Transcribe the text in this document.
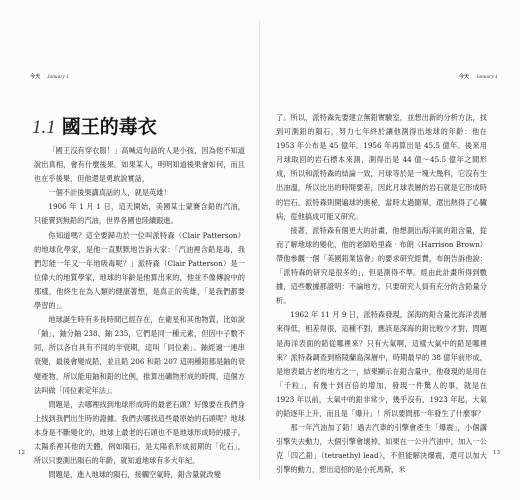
今天 January 1
1.1 國王的毒衣

「國王沒有穿衣服！」高喊這句話的人是小孩，因為他不知道說出真相，會有什麼後果。如果某人，明明知道後果會如何，而且也在乎後果，但他還是勇敢說實話，

一個不計後果講真話的人，就是英雄！

1906 年 1 月 1 日，這天開始，美國某士蒙賽含鉛的汽油，只能賣到無鉛的汽油，世界各國也陸續跟進。

你知道嗎？這全要歸功於一位叫派特森（Clair Patterson）的地球化學家，是他一直默默地告訴大家：「汽油裡含鉛是毒，我們怎能一年又一年地吸毒呢？」派特森（Clair Patterson）是一位偉大的地質學家，地球的年齡是他算出來的，他並不像傳說中的那樣，他終生在為人類的健康著想，是真正的英雄，「是我們都要學習的」。

地球誕生時有多長時間已經存在，在衛星和其他物質，比如說「鈾」，鈾分鈾 238、鈾 235，它們是同一種元素，但因中子數不同，所以各自具有不同的半衰期，這叫「同位素」。鈾經過一連串衰變，最後會變成鉛，並且鉛 206 和鉛 207 這兩種鉛都是鈾的衰變產物，所以能用鈾和鉛的比例，推算出礦物形成的時間，這個方法叫做「同位素定年法」。

問題是，去哪裡找到地球形成時的最老石頭？好像要在我們身上找到我們出生時的證據。我們去哪找這些最原始的石頭呢？地球本身是不斷變化的，地球上最老的石頭也不是地球形成時的樣子。太陽系裡其他的天體，例如隕石，是太陽系形成初期的「化石」，所以只要測出隕石的年齡，就知道地球有多大年紀。

問題是，進入地球的隕石，接觸空氣時，鉛含量就改變

12
今天 January 1

了。所以，派特森先要建立無鉛實驗室，並想出新的分析方法，找到可測鉛的隕石，努力七年終於讓他測得出地球的年齡：他在 1953 年公布是 45 億年。1956 年再算出是 45.5 億年。後來用月球取回的岩石標本來測，測得出是 44 億～45.5 億年之間形成，所以和派特森的結論一致，月球等於是一塊大幾料，它沒有生出油溫，所以比出的時間要差，因此月球表層的岩石就是它形成時的岩石，派特森則開遍球的奧秘，當時太過簡單，還出熱得了心臟病，從他搞成可能又研究。

接著，派特森有個更大的計畫，他想測出海洋區的鉛含量，從而了解地球的變化，他的老師哈里森‧布朗（Harrison Brown）帶他參觀一個「美國鉛業協會」的要求研究經費，布朗告訴他說：「派特森的研究是很多的」，但是測得不準。經由此計畫所得到數據，這些數據都證明：不論地方，只要研究人員有充分的含鉛量分析。

1962 年 11 月 9 日，派特森發現，深海的鉛含量比海洋表層來得低，相差得很，這種不對，應該是深海的鉛比較少才對，問題是海洋表面的鉛從哪裡來？只有大氣啊，這樣大氣中的鉛是哪裡來？派特森調查到格陵蘭島深層中，時期最早的 38 億年前形成，是地表最古老的地方之一，結果顯示在鉛含量中，他發現的是用在「千粒」，有幾十到百倍的增加，發現一件驚人的事，就是在 1923 年以前，大氣中的鉛非常少，幾乎沒有，1923 年起，大氣的鉛逐年上升，而且是「爆升」！所以要問那一年發生了什麼事？

那一年汽油加了鉛！過去汽車的引擎會產生「爆震」，小個講引擎失去動力，大個引擎會壞掉，如果在一公升汽油中，加入一公克「四乙鉛」（tetraethyl lead），不但能解決爆震，還可以加大引擎的動力，想出這招的是小托馬斯，米

13
